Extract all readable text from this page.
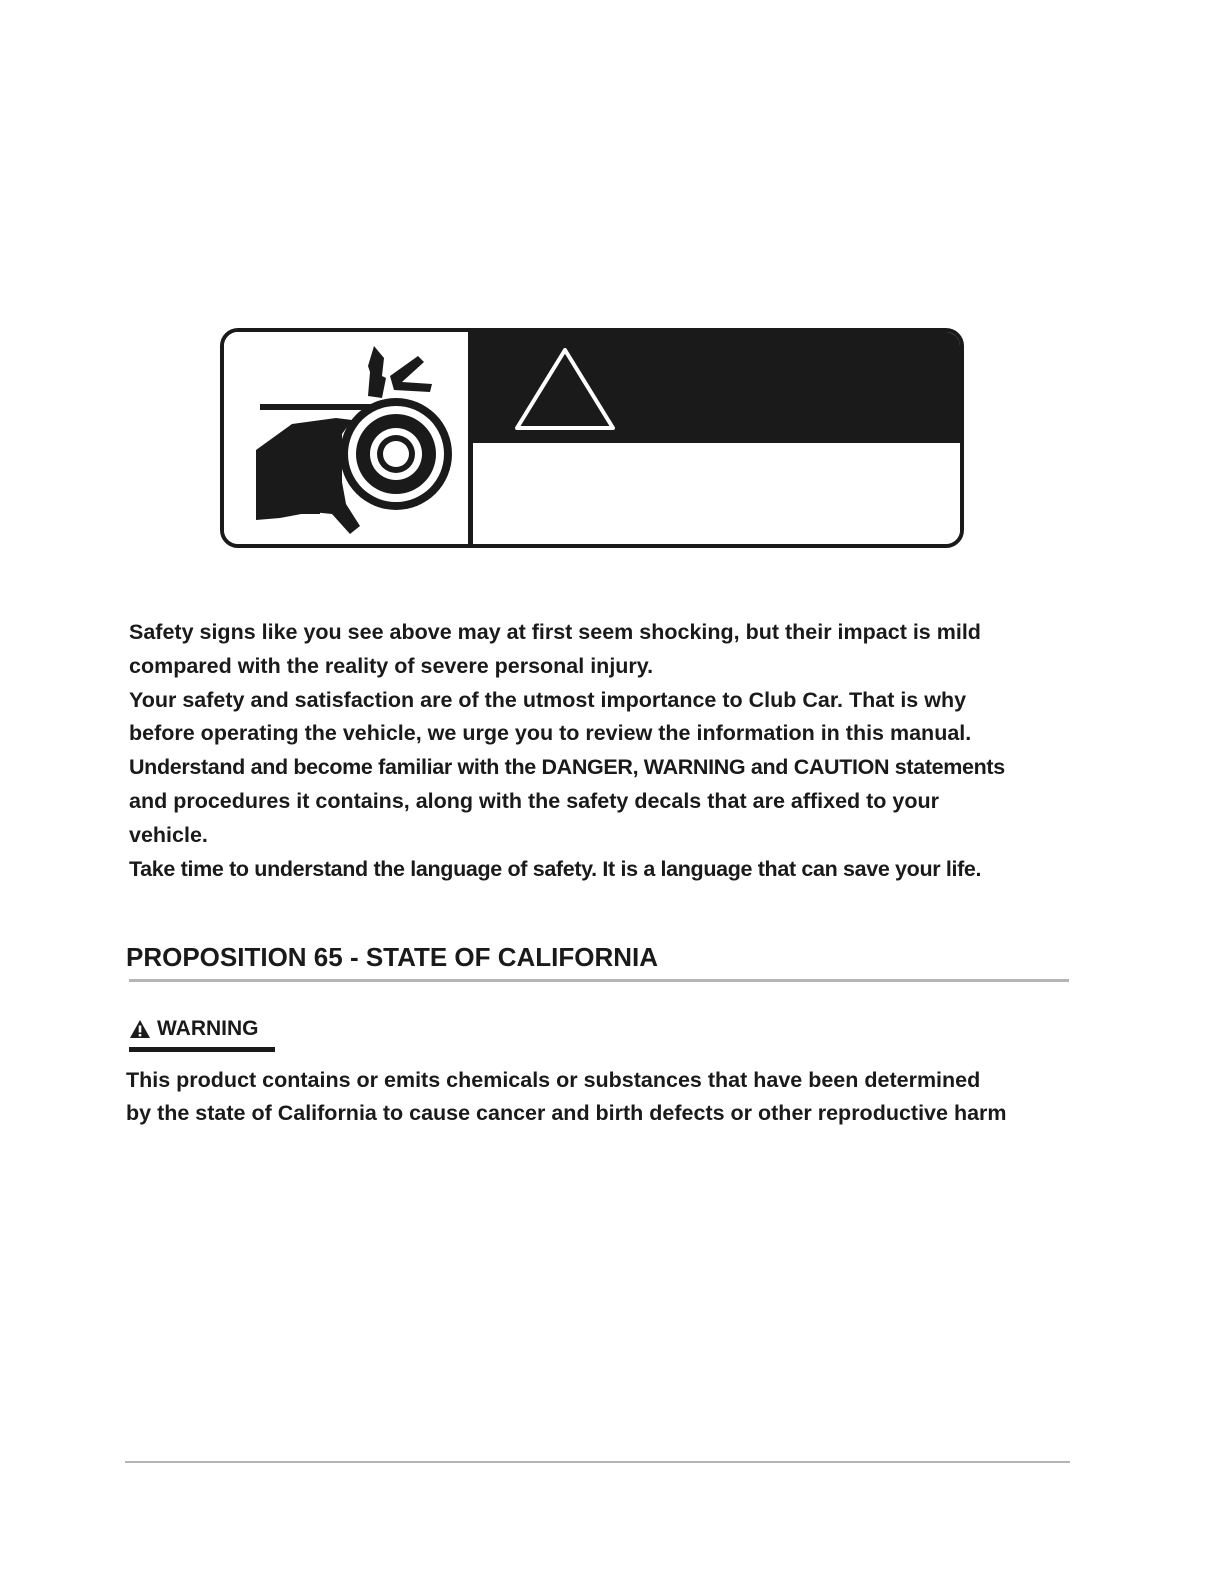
Safety signs like you see above may at first seem shocking, but their impact is mild

compared with the reality of severe personal injury.

Your safety and satisfaction are of the utmost importance to Club Car. That is why

before operating the vehicle, we urge you to review the information in this manual.

Understand and become familiar with the DANGER, WARNING and CAUTION statements

and procedures it contains, along with the safety decals that are affixed to your

vehicle.

Take time to understand the language of safety. It is a language that can save your life.

PROPOSITION 65 - STATE OF CALIFORNIA
WARNING

This product contains or emits chemicals or substances that have been determined

by the state of California to cause cancer and birth defects or other reproductive harm
